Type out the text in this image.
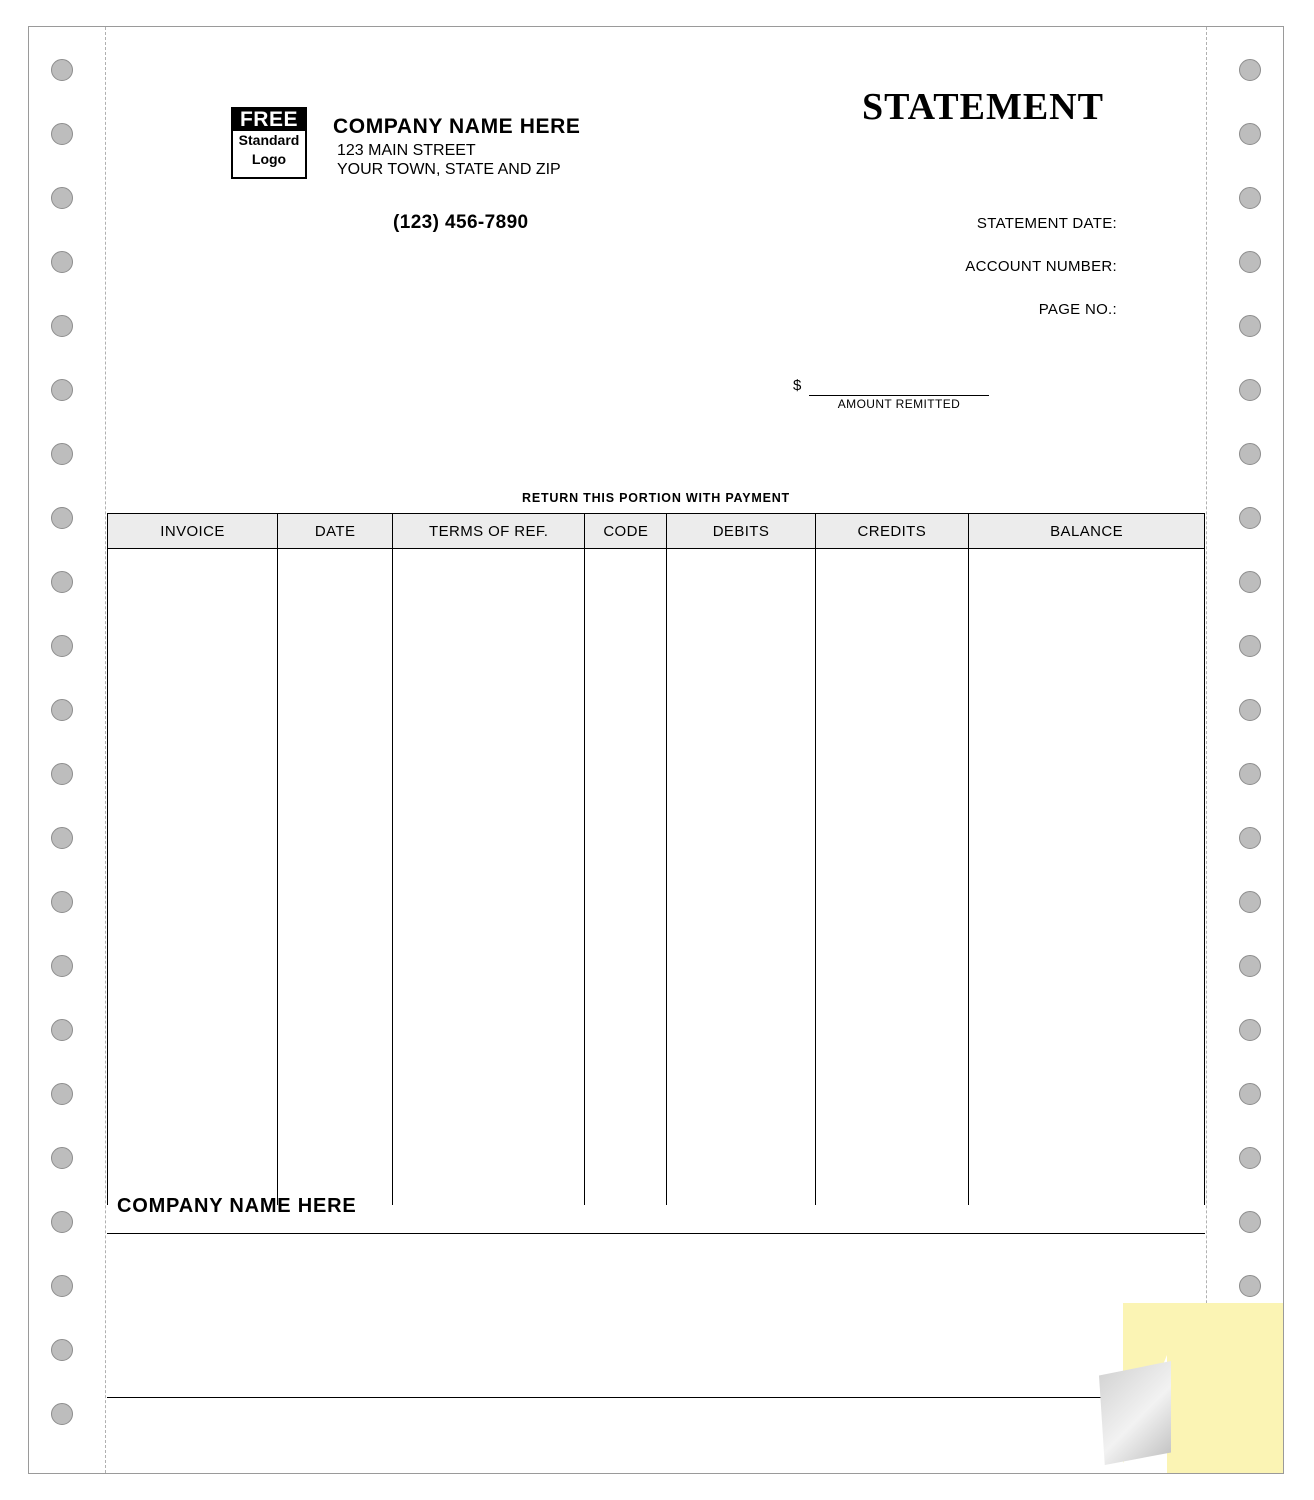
FREE
Standard
Logo
COMPANY NAME HERE
123 MAIN STREET
YOUR TOWN, STATE AND ZIP
(123) 456-7890
STATEMENT
STATEMENT DATE:
ACCOUNT NUMBER:
PAGE NO.:
$
AMOUNT REMITTED
RETURN THIS PORTION WITH PAYMENT
INVOICE	DATE	TERMS OF REF.	CODE	DEBITS	CREDITS	BALANCE

COMPANY NAME HERE
